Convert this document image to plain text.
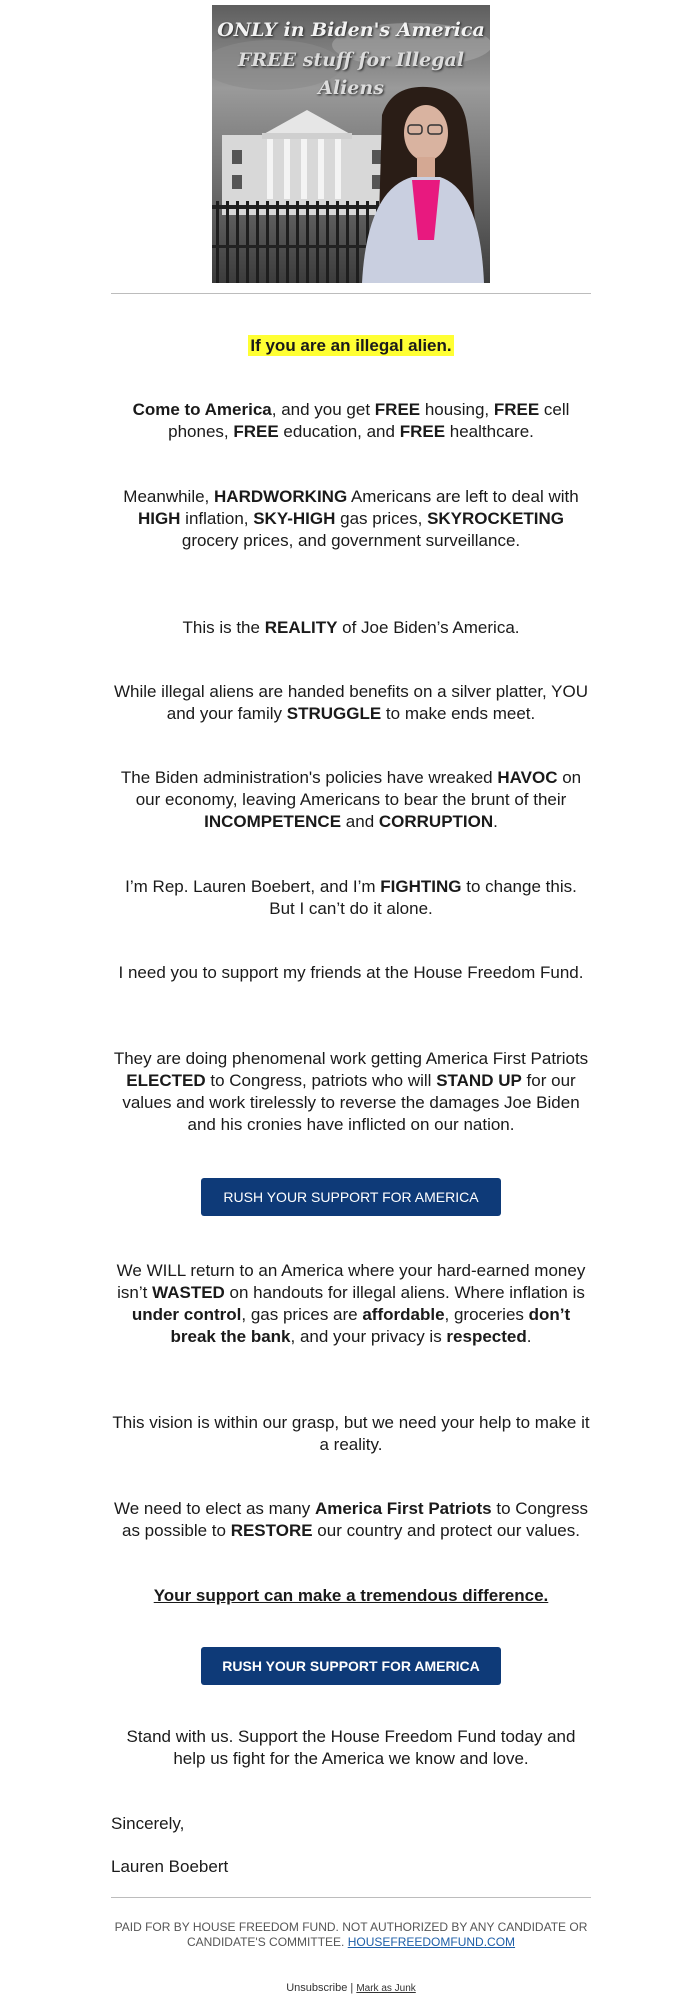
ONLY in Biden's America
FREE stuff for Illegal
Aliens
If you are an illegal alien.
Come to America, and you get FREE housing, FREE cell phones, FREE education, and FREE healthcare.
Meanwhile, HARDWORKING Americans are left to deal with HIGH inflation, SKY-HIGH gas prices, SKYROCKETING grocery prices, and government surveillance.
This is the REALITY of Joe Biden’s America.
While illegal aliens are handed benefits on a silver platter, YOU and your family STRUGGLE to make ends meet.
The Biden administration's policies have wreaked HAVOC on our economy, leaving Americans to bear the brunt of their INCOMPETENCE and CORRUPTION.
I’m Rep. Lauren Boebert, and I’m FIGHTING to change this. But I can’t do it alone.
I need you to support my friends at the House Freedom Fund.
They are doing phenomenal work getting America First Patriots ELECTED to Congress, patriots who will STAND UP for our values and work tirelessly to reverse the damages Joe Biden and his cronies have inflicted on our nation.
RUSH YOUR SUPPORT FOR AMERICA
We WILL return to an America where your hard-earned money isn’t WASTED on handouts for illegal aliens. Where inflation is under control, gas prices are affordable, groceries don’t break the bank, and your privacy is respected.
This vision is within our grasp, but we need your help to make it a reality.
We need to elect as many America First Patriots to Congress as possible to RESTORE our country and protect our values.
Your support can make a tremendous difference.
RUSH YOUR SUPPORT FOR AMERICA
Stand with us. Support the House Freedom Fund today and help us fight for the America we know and love.
Sincerely,
Lauren Boebert
PAID FOR BY HOUSE FREEDOM FUND. NOT AUTHORIZED BY ANY CANDIDATE OR CANDIDATE'S COMMITTEE. HOUSEFREEDOMFUND.COM
Unsubscribe | Mark as Junk
